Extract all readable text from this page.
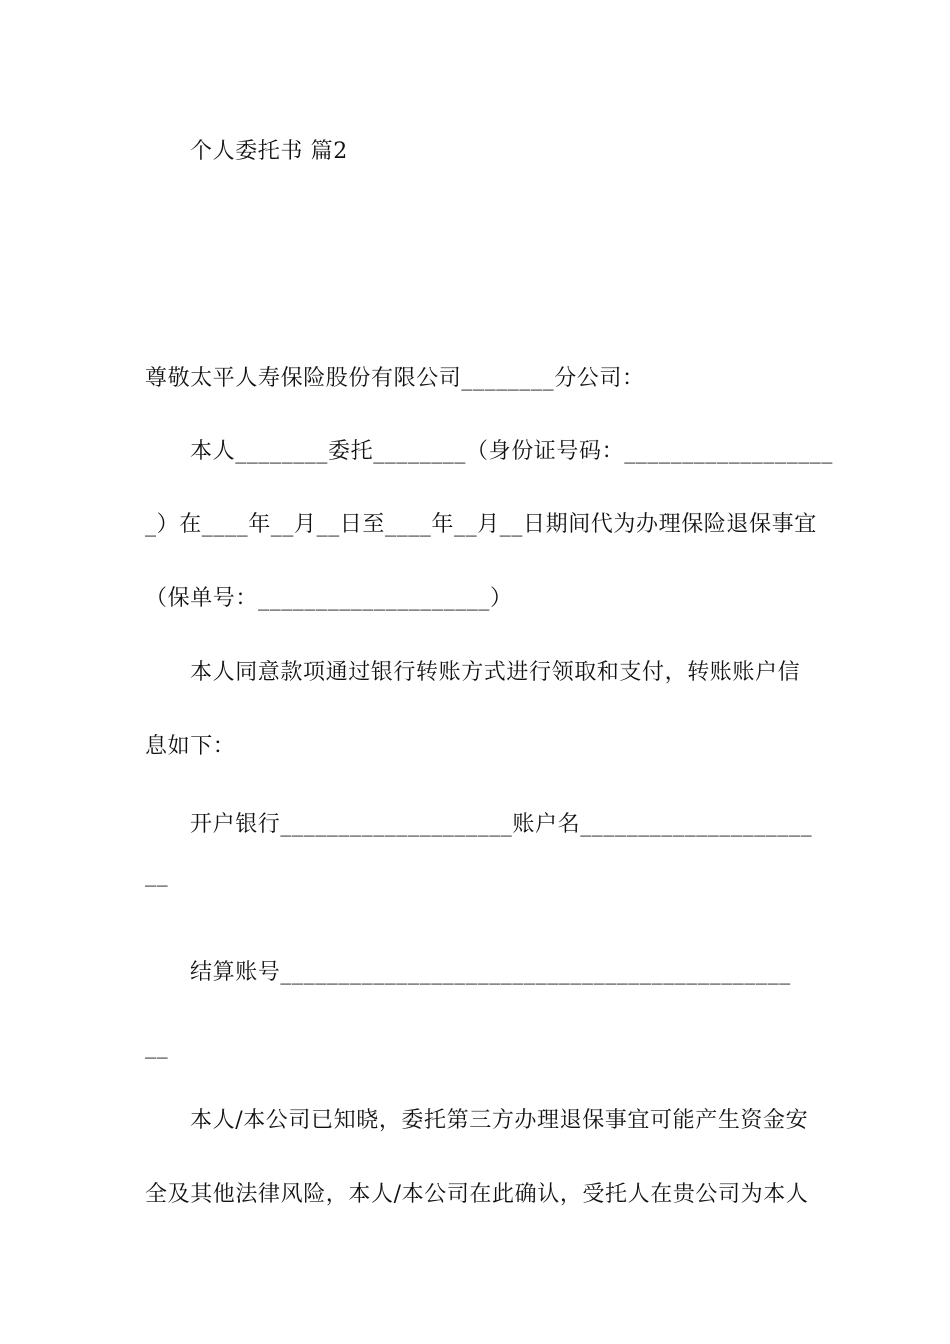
个人委托书 篇2

尊敬太平人寿保险股份有限公司________分公司：

本人________委托________（身份证号码：__________________

_）在____年__月__日至____年__月__日期间代为办理保险退保事宜

（保单号：____________________）

本人同意款项通过银行转账方式进行领取和支付，转账账户信

息如下：

开户银行____________________账户名____________________

__

结算账号____________________________________________

__

本人/本公司已知晓，委托第三方办理退保事宜可能产生资金安

全及其他法律风险，本人/本公司在此确认，受托人在贵公司为本人
